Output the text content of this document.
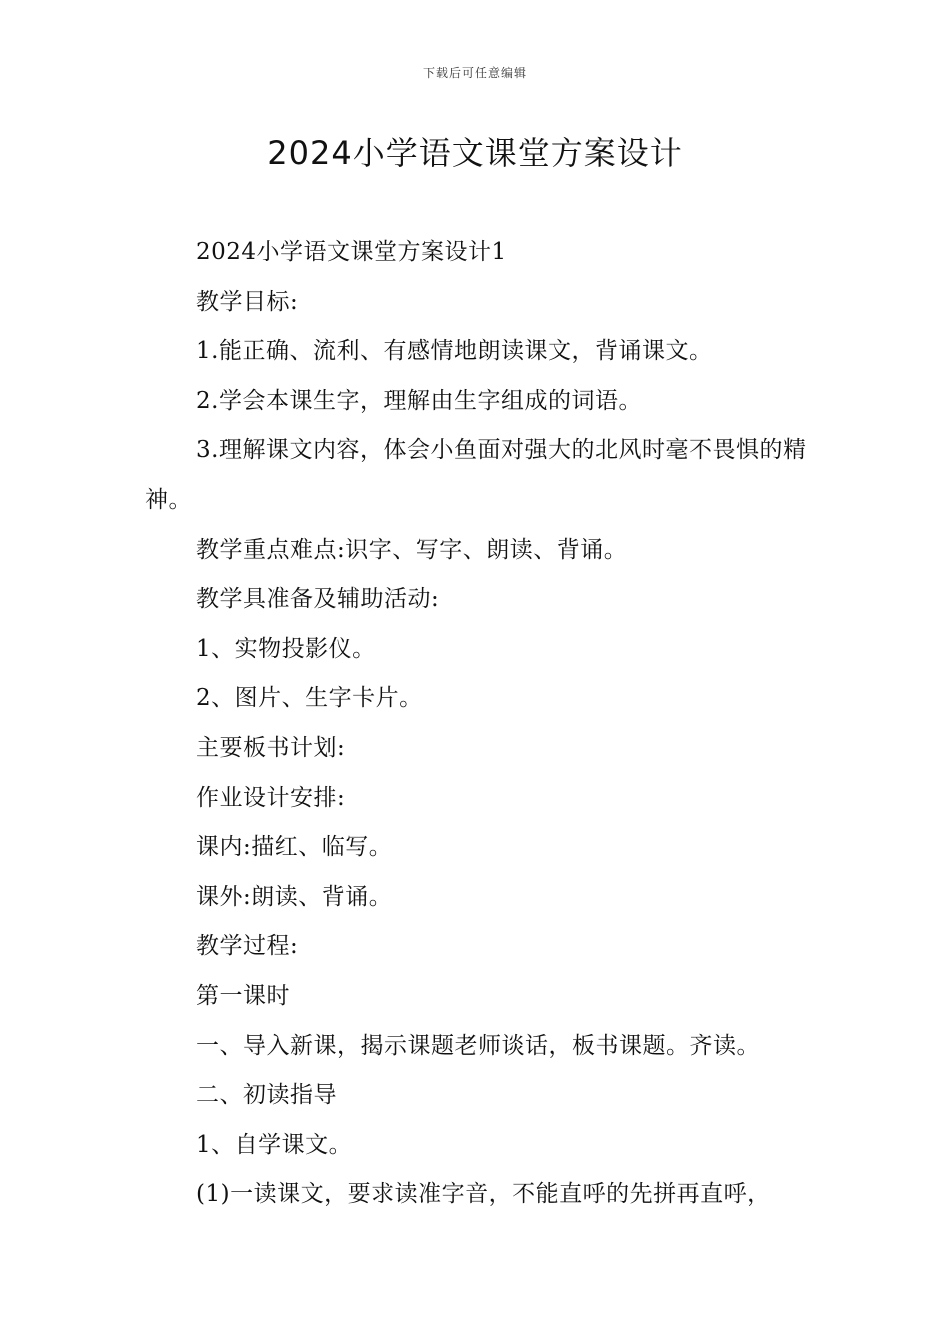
下载后可任意编辑
2024小学语文课堂方案设计

2024小学语文课堂方案设计1

教学目标:

1.能正确、流利、有感情地朗读课文，背诵课文。

2.学会本课生字，理解由生字组成的词语。

3.理解课文内容，体会小鱼面对强大的北风时毫不畏惧的精神。

教学重点难点:识字、写字、朗读、背诵。

教学具准备及辅助活动:

1、实物投影仪。

2、图片、生字卡片。

主要板书计划:

作业设计安排:

课内:描红、临写。

课外:朗读、背诵。

教学过程:

第一课时

一、导入新课，揭示课题老师谈话，板书课题。齐读。

二、初读指导

1、自学课文。

(1)一读课文，要求读准字音，不能直呼的先拼再直呼，
